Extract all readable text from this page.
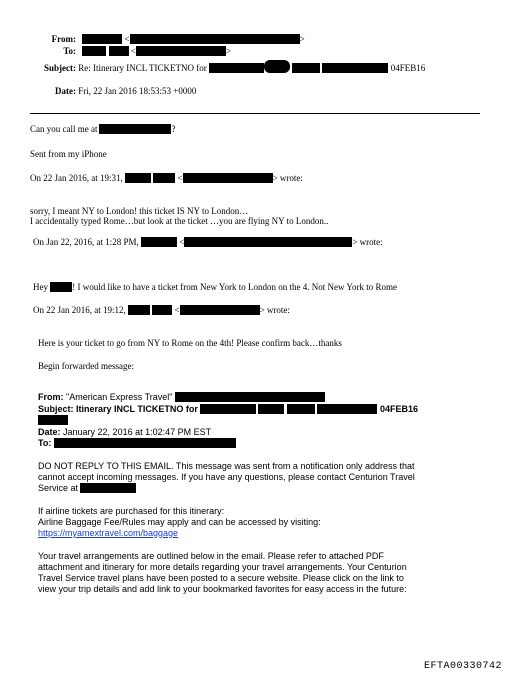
From:	<	>
To:	<	>
Subject: Re: Itinerary INCL TICKETNO for	04FEB16
Date: Fri, 22 Jan 2016 18:53:53 +0000
Can you call me at	?
Sent from my iPhone
On 22 Jan 2016, at 19:31,	<	> wrote:
sorry, I meant NY to London! this ticket IS NY to London…
I accidentally typed Rome…but look at the ticket …you are flying NY to London..
On Jan 22, 2016, at 1:28 PM,	<	> wrote:
Hey	! I would like to have a ticket from New York to London on the 4. Not New York to Rome
On 22 Jan 2016, at 19:12,	<	> wrote:
Here is your ticket to go from NY to Rome on the 4th! Please confirm back…thanks
Begin forwarded message:
From: "American Express Travel"
Subject: Itinerary INCL TICKETNO for	04FEB16
Date: January 22, 2016 at 1:02:47 PM EST
To:
DO NOT REPLY TO THIS EMAIL. This message was sent from a notification only address that
cannot accept incoming messages. If you have any questions, please contact Centurion Travel
Service at
If airline tickets are purchased for this itinerary:
Airline Baggage Fee/Rules may apply and can be accessed by visiting:
https://myamextravel.com/baggage
Your travel arrangements are outlined below in the email. Please refer to attached PDF
attachment and itinerary for more details regarding your travel arrangements. Your Centurion
Travel Service travel plans have been posted to a secure website. Please click on the link to
view your trip details and add link to your bookmarked favorites for easy access in the future:
EFTA00330742
